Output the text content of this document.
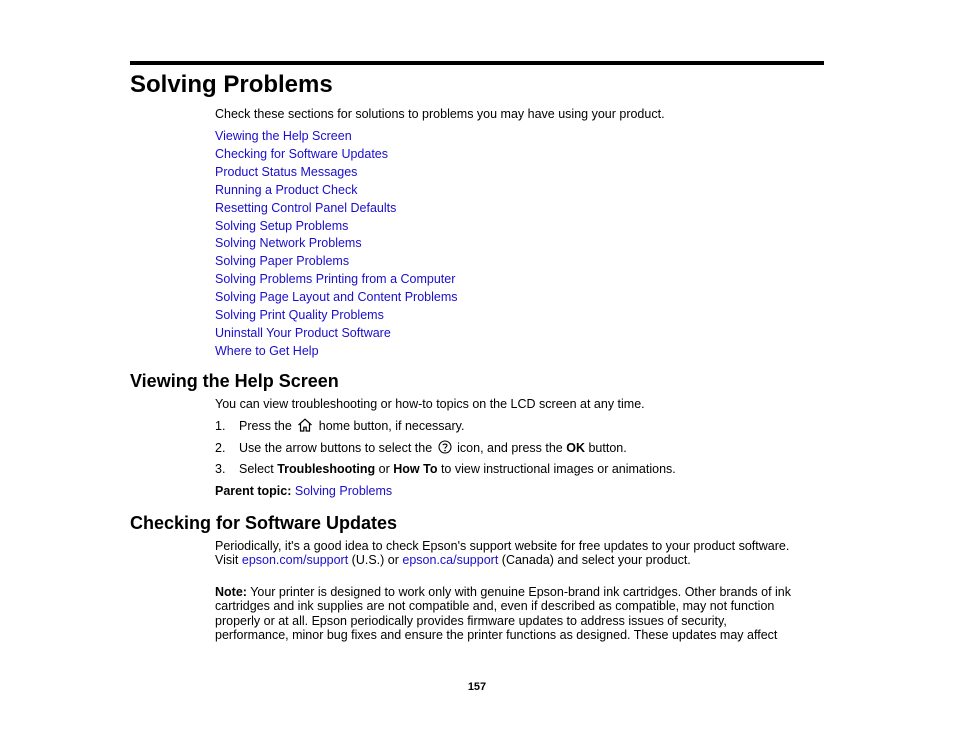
Solving Problems
Check these sections for solutions to problems you may have using your product.
Viewing the Help Screen
Checking for Software Updates
Product Status Messages
Running a Product Check
Resetting Control Panel Defaults
Solving Setup Problems
Solving Network Problems
Solving Paper Problems
Solving Problems Printing from a Computer
Solving Page Layout and Content Problems
Solving Print Quality Problems
Uninstall Your Product Software
Where to Get Help
Viewing the Help Screen
You can view troubleshooting or how-to topics on the LCD screen at any time.
1. Press the home button, if necessary.
2. Use the arrow buttons to select the icon, and press the OK button.
3. Select Troubleshooting or How To to view instructional images or animations.
Parent topic: Solving Problems
Checking for Software Updates
Periodically, it's a good idea to check Epson's support website for free updates to your product software.
Visit epson.com/support (U.S.) or epson.ca/support (Canada) and select your product.
Note: Your printer is designed to work only with genuine Epson-brand ink cartridges. Other brands of ink
cartridges and ink supplies are not compatible and, even if described as compatible, may not function
properly or at all. Epson periodically provides firmware updates to address issues of security,
performance, minor bug fixes and ensure the printer functions as designed. These updates may affect
157
